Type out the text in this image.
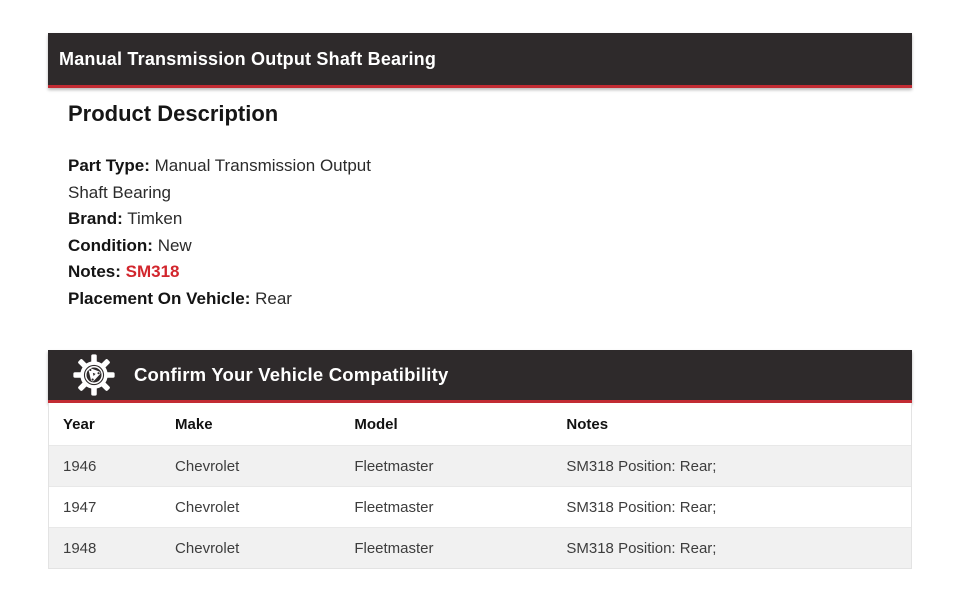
Manual Transmission Output Shaft Bearing
Product Description
Part Type: Manual Transmission Output Shaft Bearing
Brand: Timken
Condition: New
Notes: SM318
Placement On Vehicle: Rear
Confirm Your Vehicle Compatibility
Year	Make	Model	Notes
1946	Chevrolet	Fleetmaster	SM318 Position: Rear;
1947	Chevrolet	Fleetmaster	SM318 Position: Rear;
1948	Chevrolet	Fleetmaster	SM318 Position: Rear;
